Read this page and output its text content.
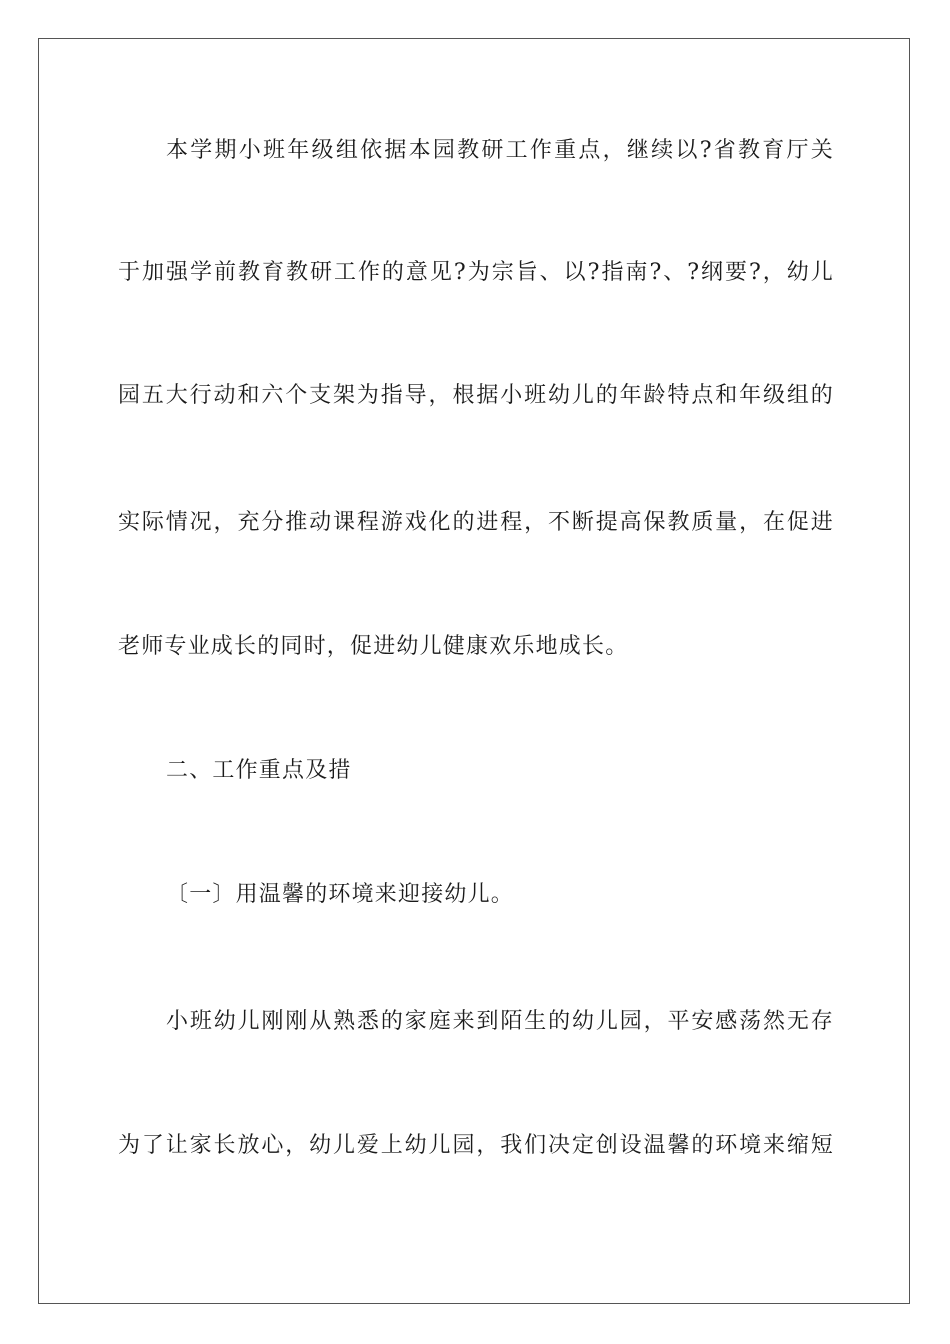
本学期小班年级组依据本园教研工作重点，继续以?省教育厅关
于加强学前教育教研工作的意见?为宗旨、以?指南?、?纲要?，幼儿
园五大行动和六个支架为指导，根据小班幼儿的年龄特点和年级组的
实际情况，充分推动课程游戏化的进程，不断提高保教质量，在促进
老师专业成长的同时，促进幼儿健康欢乐地成长。
二、工作重点及措
〔一〕用温馨的环境来迎接幼儿。
小班幼儿刚刚从熟悉的家庭来到陌生的幼儿园，平安感荡然无存
为了让家长放心，幼儿爱上幼儿园，我们决定创设温馨的环境来缩短
